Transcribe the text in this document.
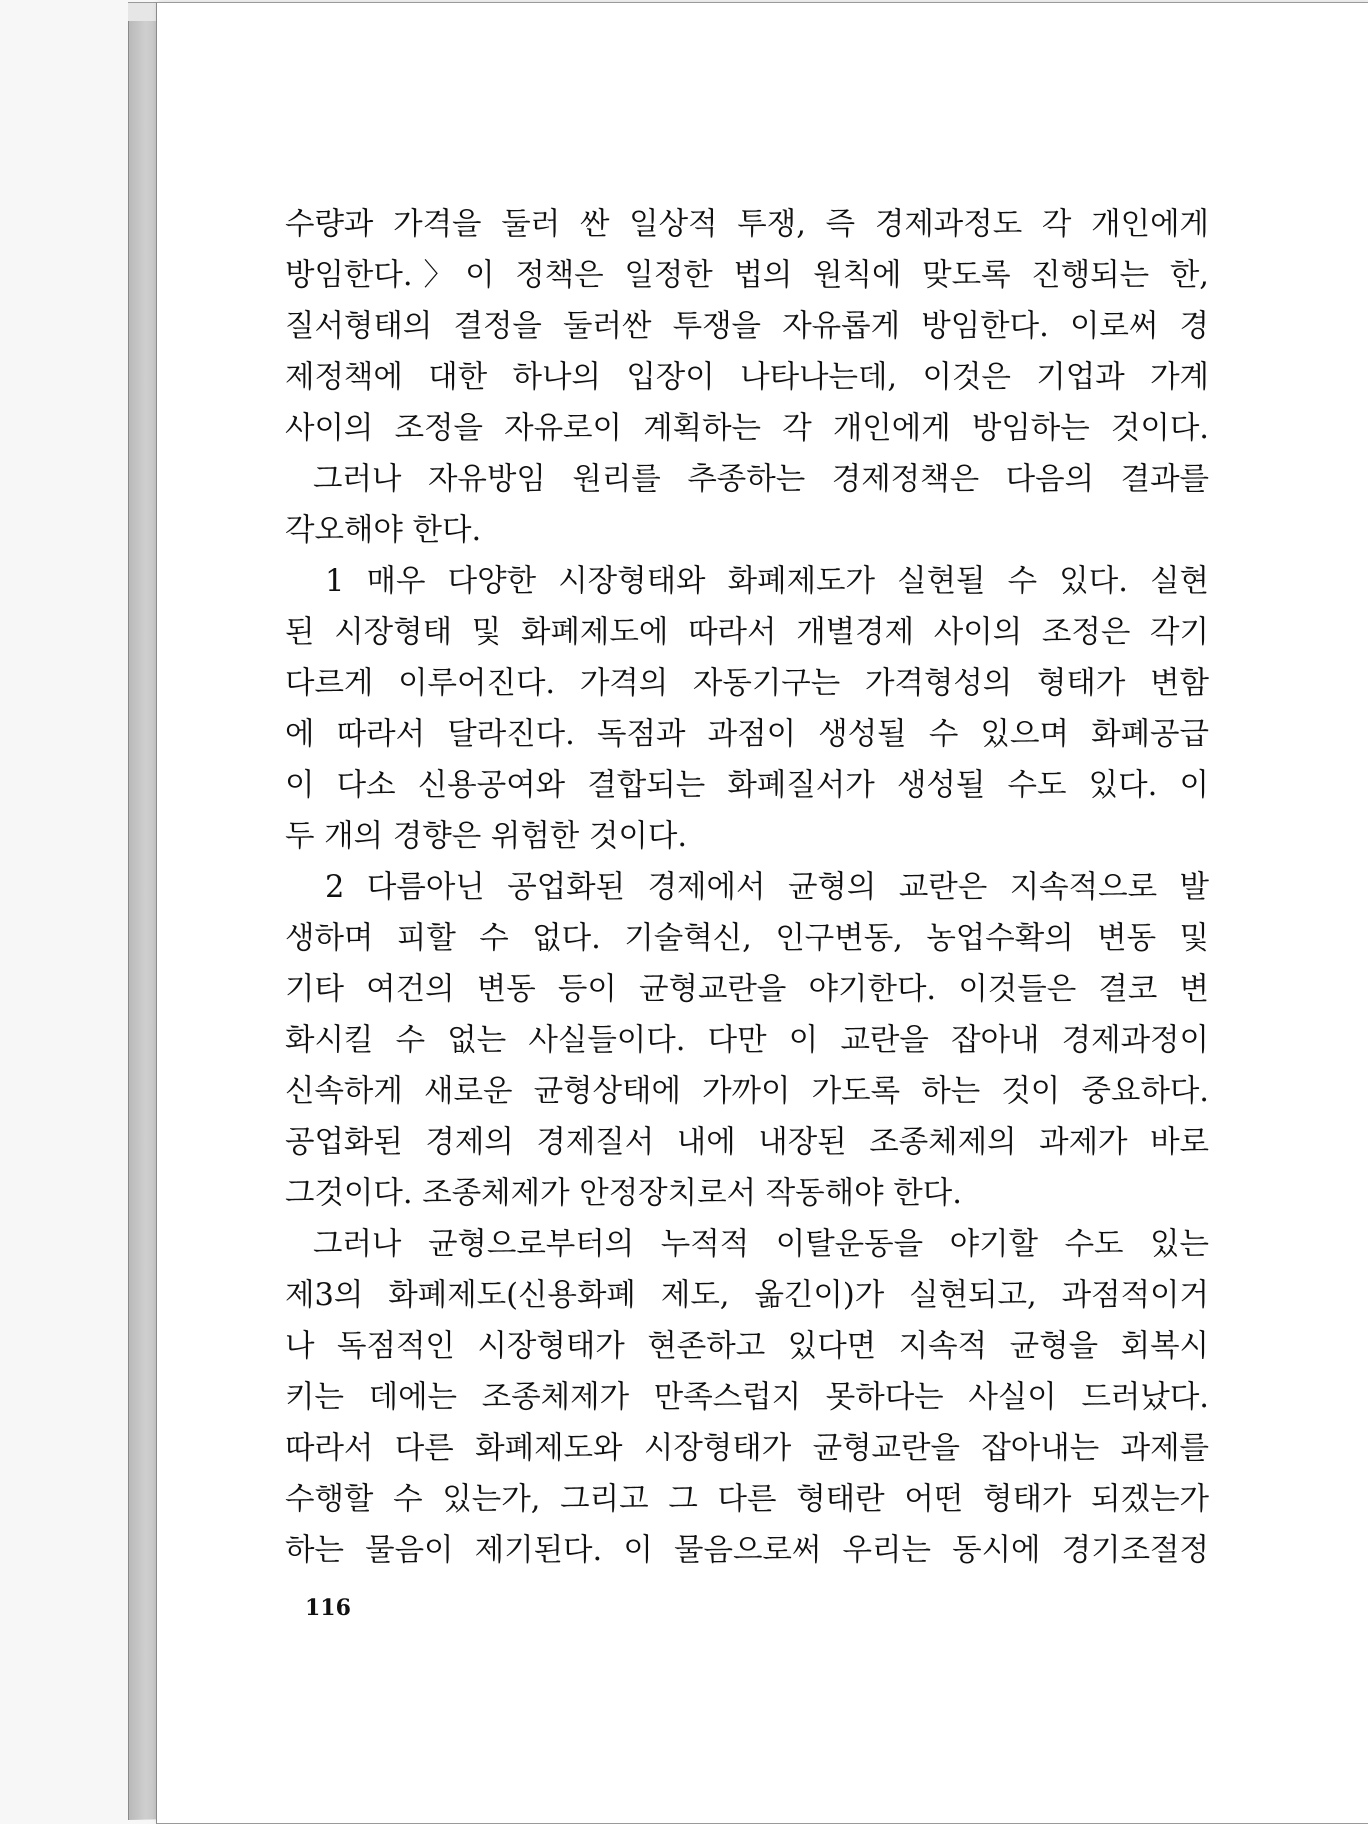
수량과 가격을 둘러 싼 일상적 투쟁, 즉 경제과정도 각 개인에게
방임한다.〉이 정책은 일정한 법의 원칙에 맞도록 진행되는 한,
질서형태의 결정을 둘러싼 투쟁을 자유롭게 방임한다. 이로써 경
제정책에 대한 하나의 입장이 나타나는데, 이것은 기업과 가계
사이의 조정을 자유로이 계획하는 각 개인에게 방임하는 것이다.
그러나 자유방임 원리를 추종하는 경제정책은 다음의 결과를
각오해야 한다.
1 매우 다양한 시장형태와 화폐제도가 실현될 수 있다. 실현
된 시장형태 및 화폐제도에 따라서 개별경제 사이의 조정은 각기
다르게 이루어진다. 가격의 자동기구는 가격형성의 형태가 변함
에 따라서 달라진다. 독점과 과점이 생성될 수 있으며 화폐공급
이 다소 신용공여와 결합되는 화폐질서가 생성될 수도 있다. 이
두 개의 경향은 위험한 것이다.
2 다름아닌 공업화된 경제에서 균형의 교란은 지속적으로 발
생하며 피할 수 없다. 기술혁신, 인구변동, 농업수확의 변동 및
기타 여건의 변동 등이 균형교란을 야기한다. 이것들은 결코 변
화시킬 수 없는 사실들이다. 다만 이 교란을 잡아내 경제과정이
신속하게 새로운 균형상태에 가까이 가도록 하는 것이 중요하다.
공업화된 경제의 경제질서 내에 내장된 조종체제의 과제가 바로
그것이다. 조종체제가 안정장치로서 작동해야 한다.
그러나 균형으로부터의 누적적 이탈운동을 야기할 수도 있는
제3의 화폐제도(신용화폐 제도, 옮긴이)가 실현되고, 과점적이거
나 독점적인 시장형태가 현존하고 있다면 지속적 균형을 회복시
키는 데에는 조종체제가 만족스럽지 못하다는 사실이 드러났다.
따라서 다른 화폐제도와 시장형태가 균형교란을 잡아내는 과제를
수행할 수 있는가, 그리고 그 다른 형태란 어떤 형태가 되겠는가
하는 물음이 제기된다. 이 물음으로써 우리는 동시에 경기조절정
116
